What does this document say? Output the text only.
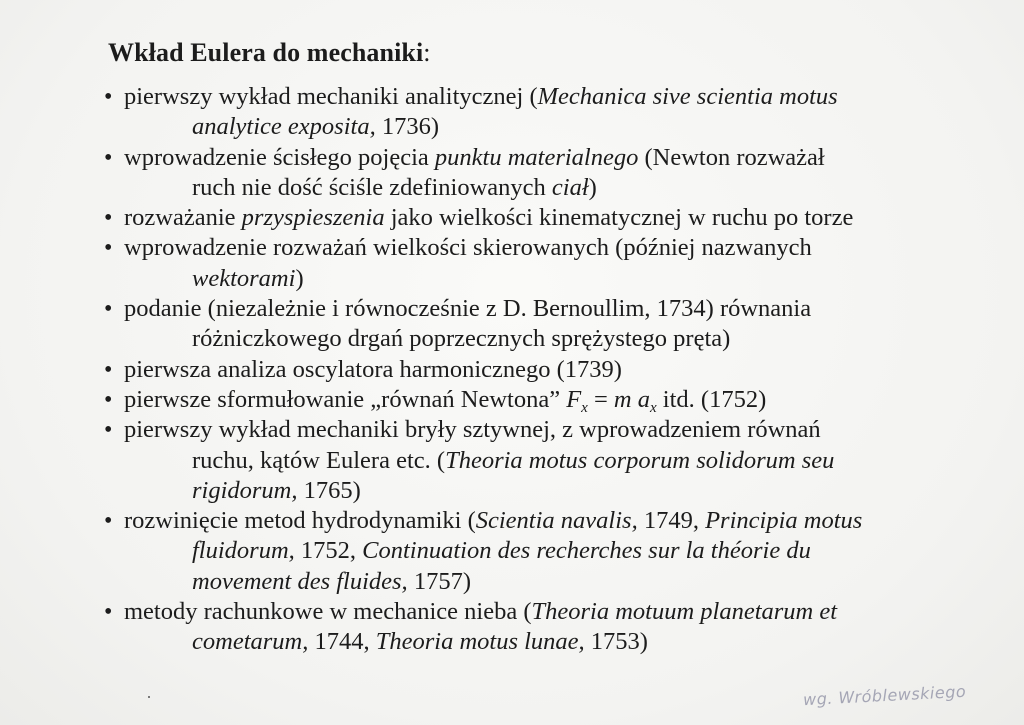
Wkład Eulera do mechaniki:
• pierwszy wykład mechaniki analitycznej (Mechanica sive scientia motus
analytice exposita, 1736)
• wprowadzenie ścisłego pojęcia punktu materialnego (Newton rozważał
ruch nie dość ściśle zdefiniowanych ciał)
• rozważanie przyspieszenia jako wielkości kinematycznej w ruchu po torze
• wprowadzenie rozważań wielkości skierowanych (później nazwanych
wektorami)
• podanie (niezależnie i równocześnie z D. Bernoullim, 1734) równania
różniczkowego drgań poprzecznych sprężystego pręta)
• pierwsza analiza oscylatora harmonicznego (1739)
• pierwsze sformułowanie „równań Newtona” $F_x = m$ $a_x$ itd. (1752)
• pierwszy wykład mechaniki bryły sztywnej, z wprowadzeniem równań
ruchu, kątów Eulera etc. (Theoria motus corporum solidorum seu
rigidorum, 1765)
• rozwinięcie metod hydrodynamiki (Scientia navalis, 1749, Principia motus
fluidorum, 1752, Continuation des recherches sur la théorie du
movement des fluides, 1757)
• metody rachunkowe w mechanice nieba (Theoria motuum planetarum et
cometarum, 1744, Theoria motus lunae, 1753)
wg. Wróblewskiego
